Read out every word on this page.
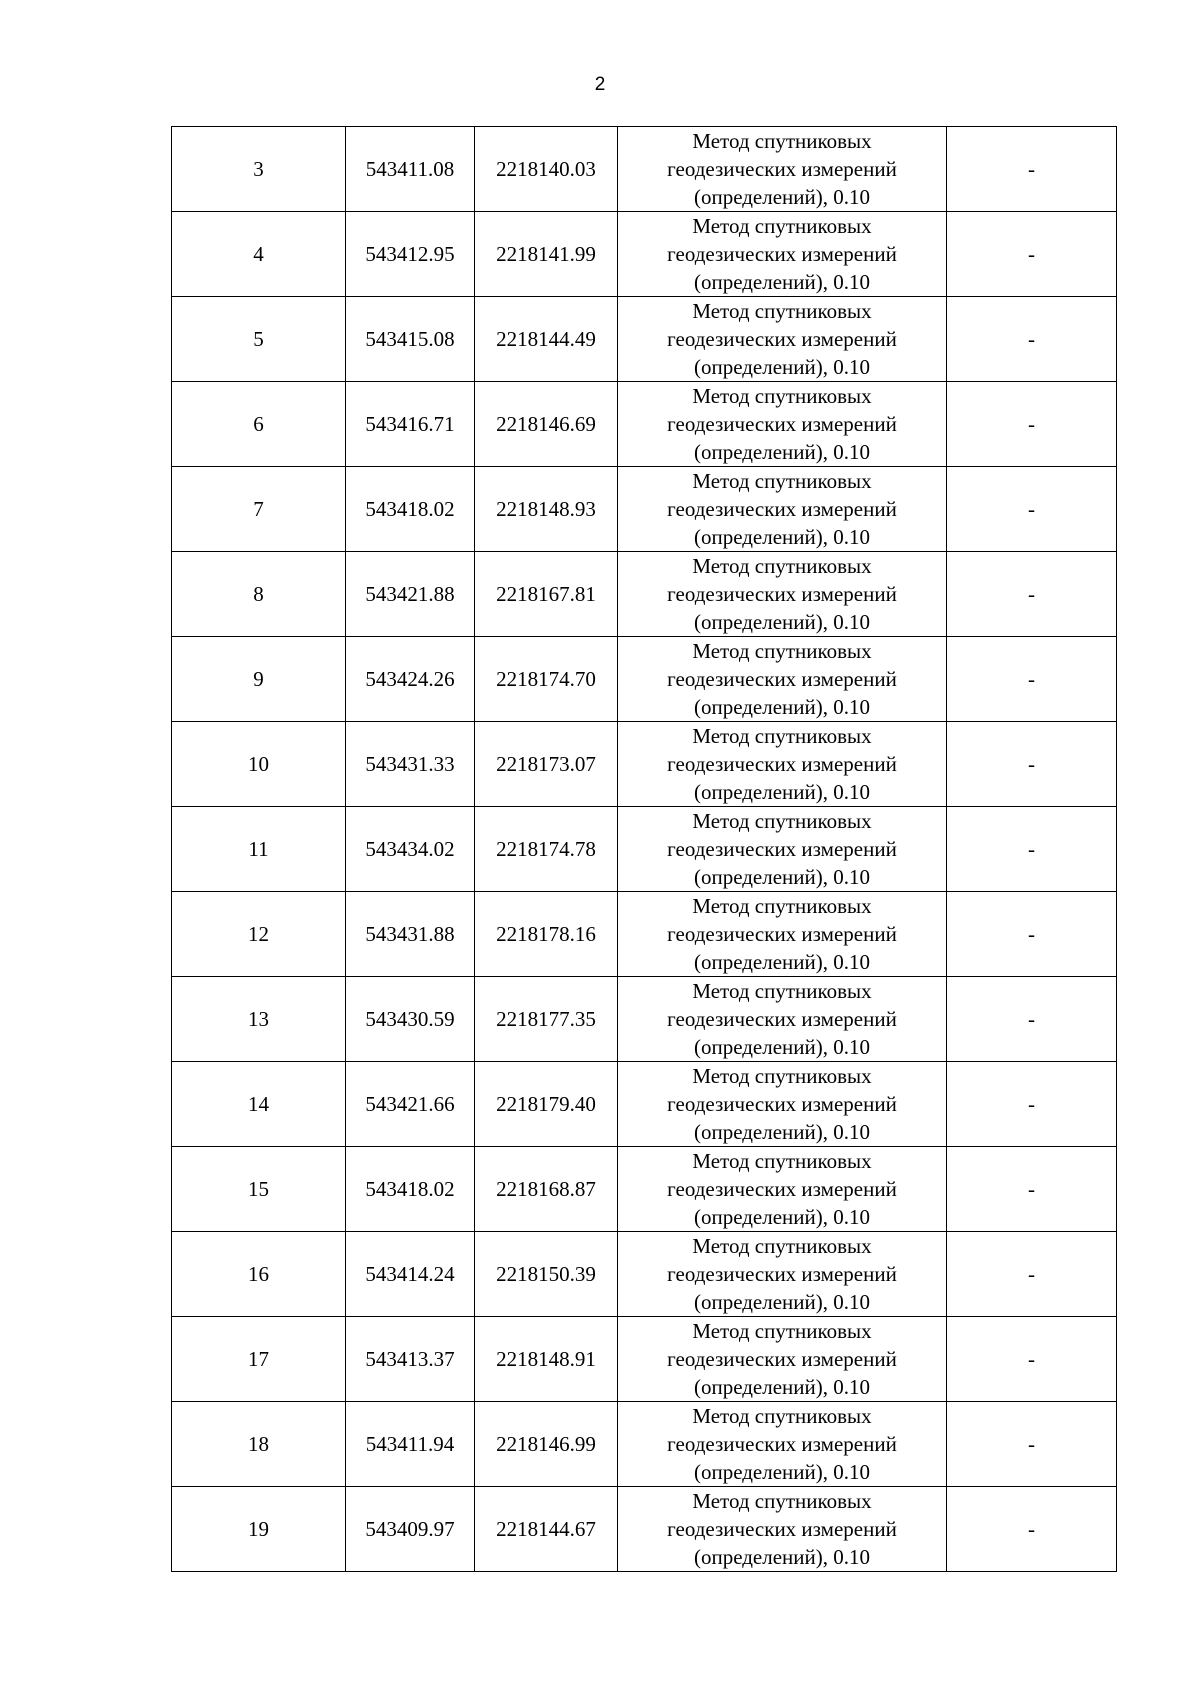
2
3	543411.08	2218140.03	Метод спутниковых
геодезических измерений
(определений), 0.10	-
4	543412.95	2218141.99	Метод спутниковых
геодезических измерений
(определений), 0.10	-
5	543415.08	2218144.49	Метод спутниковых
геодезических измерений
(определений), 0.10	-
6	543416.71	2218146.69	Метод спутниковых
геодезических измерений
(определений), 0.10	-
7	543418.02	2218148.93	Метод спутниковых
геодезических измерений
(определений), 0.10	-
8	543421.88	2218167.81	Метод спутниковых
геодезических измерений
(определений), 0.10	-
9	543424.26	2218174.70	Метод спутниковых
геодезических измерений
(определений), 0.10	-
10	543431.33	2218173.07	Метод спутниковых
геодезических измерений
(определений), 0.10	-
11	543434.02	2218174.78	Метод спутниковых
геодезических измерений
(определений), 0.10	-
12	543431.88	2218178.16	Метод спутниковых
геодезических измерений
(определений), 0.10	-
13	543430.59	2218177.35	Метод спутниковых
геодезических измерений
(определений), 0.10	-
14	543421.66	2218179.40	Метод спутниковых
геодезических измерений
(определений), 0.10	-
15	543418.02	2218168.87	Метод спутниковых
геодезических измерений
(определений), 0.10	-
16	543414.24	2218150.39	Метод спутниковых
геодезических измерений
(определений), 0.10	-
17	543413.37	2218148.91	Метод спутниковых
геодезических измерений
(определений), 0.10	-
18	543411.94	2218146.99	Метод спутниковых
геодезических измерений
(определений), 0.10	-
19	543409.97	2218144.67	Метод спутниковых
геодезических измерений
(определений), 0.10	-
